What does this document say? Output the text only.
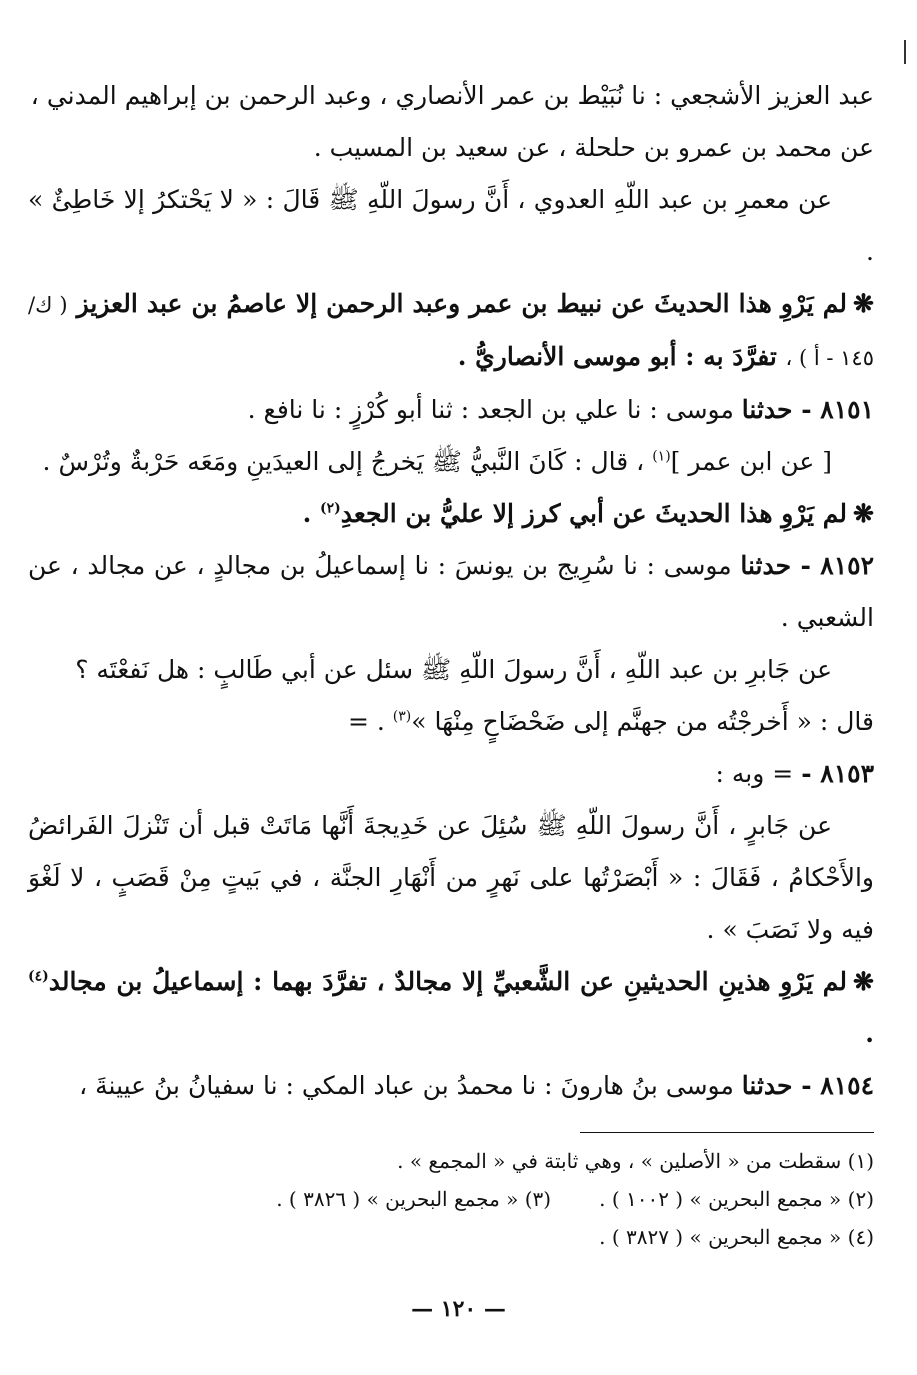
عبد العزيز الأشجعي : نا نُبَيْط بن عمر الأنصاري ، وعبد الرحمن بن إبراهيم المدني ،
عن محمد بن عمرو بن حلحلة ، عن سعيد بن المسيب .

عن معمرِ بن عبد اللّهِ العدوي ، أَنَّ رسولَ اللّهِ ﷺ قَالَ : « لا يَحْتكرُ إلا خَاطِئٌ » .

❋لم يَرْوِ هذا الحديثَ عن نبيط بن عمر وعبد الرحمن إلا عاصمُ بن عبد العزيز ( ك/ ١٤٥ - أ ) ، تفرَّدَ به : أبو موسى الأنصاريُّ .

٨١٥١ - حدثنا موسى : نا علي بن الجعد : ثنا أبو كُرْزٍ : نا نافع .

[ عن ابن عمر ]$^{(١)}$ ، قال : كَانَ النَّبيُّ ﷺ يَخرجُ إلى العيدَينِ ومَعَه حَرْبةٌ وتُرْسٌ .

❋لم يَرْوِ هذا الحديثَ عن أبي كرز إلا عليُّ بن الجعدِ$^{(٢)}$ .

٨١٥٢ - حدثنا موسى : نا سُرِيج بن يونسَ : نا إسماعيلُ بن مجالدٍ ، عن مجالد ، عن الشعبي .

عن جَابرِ بن عبد اللّهِ ، أَنَّ رسولَ اللّهِ ﷺ سئل عن أبي طَالبٍ : هل نَفعْتَه ؟
قال : « أَخرجْتُه من جهنَّم إلى ضَحْضَاحٍ مِنْهَا »$^{(٣)}$ . =

٨١٥٣ - = وبه :

عن جَابرٍ ، أَنَّ رسولَ اللّهِ ﷺ سُئِلَ عن خَدِيجةَ أَنَّها مَاتَتْ قبل أن تَنْزلَ الفَرائضُ والأَحْكامُ ، فَقَالَ : « أَبْصَرْتُها على نَهرٍ من أَنْهَارِ الجنَّة ، في بَيتٍ مِنْ قَصَبٍ ، لا لَغْوَ فيه ولا نَصَبَ » .

❋لم يَرْوِ هذينِ الحديثينِ عن الشَّعبيِّ إلا مجالدٌ ، تفرَّدَ بهما : إسماعيلُ بن مجالد$^{(٤)}$ .

٨١٥٤ - حدثنا موسى بنُ هارونَ : نا محمدُ بن عباد المكي : نا سفيانُ بنُ عيينةَ ،

(١) سقطت من « الأصلين » ، وهي ثابتة في « المجمع » .
(٢) « مجمع البحرين » ( ١٠٠٢ ) .
(٣) « مجمع البحرين » ( ٣٨٢٦ ) .
(٤) « مجمع البحرين » ( ٣٨٢٧ ) .
— ١٢٠ —
